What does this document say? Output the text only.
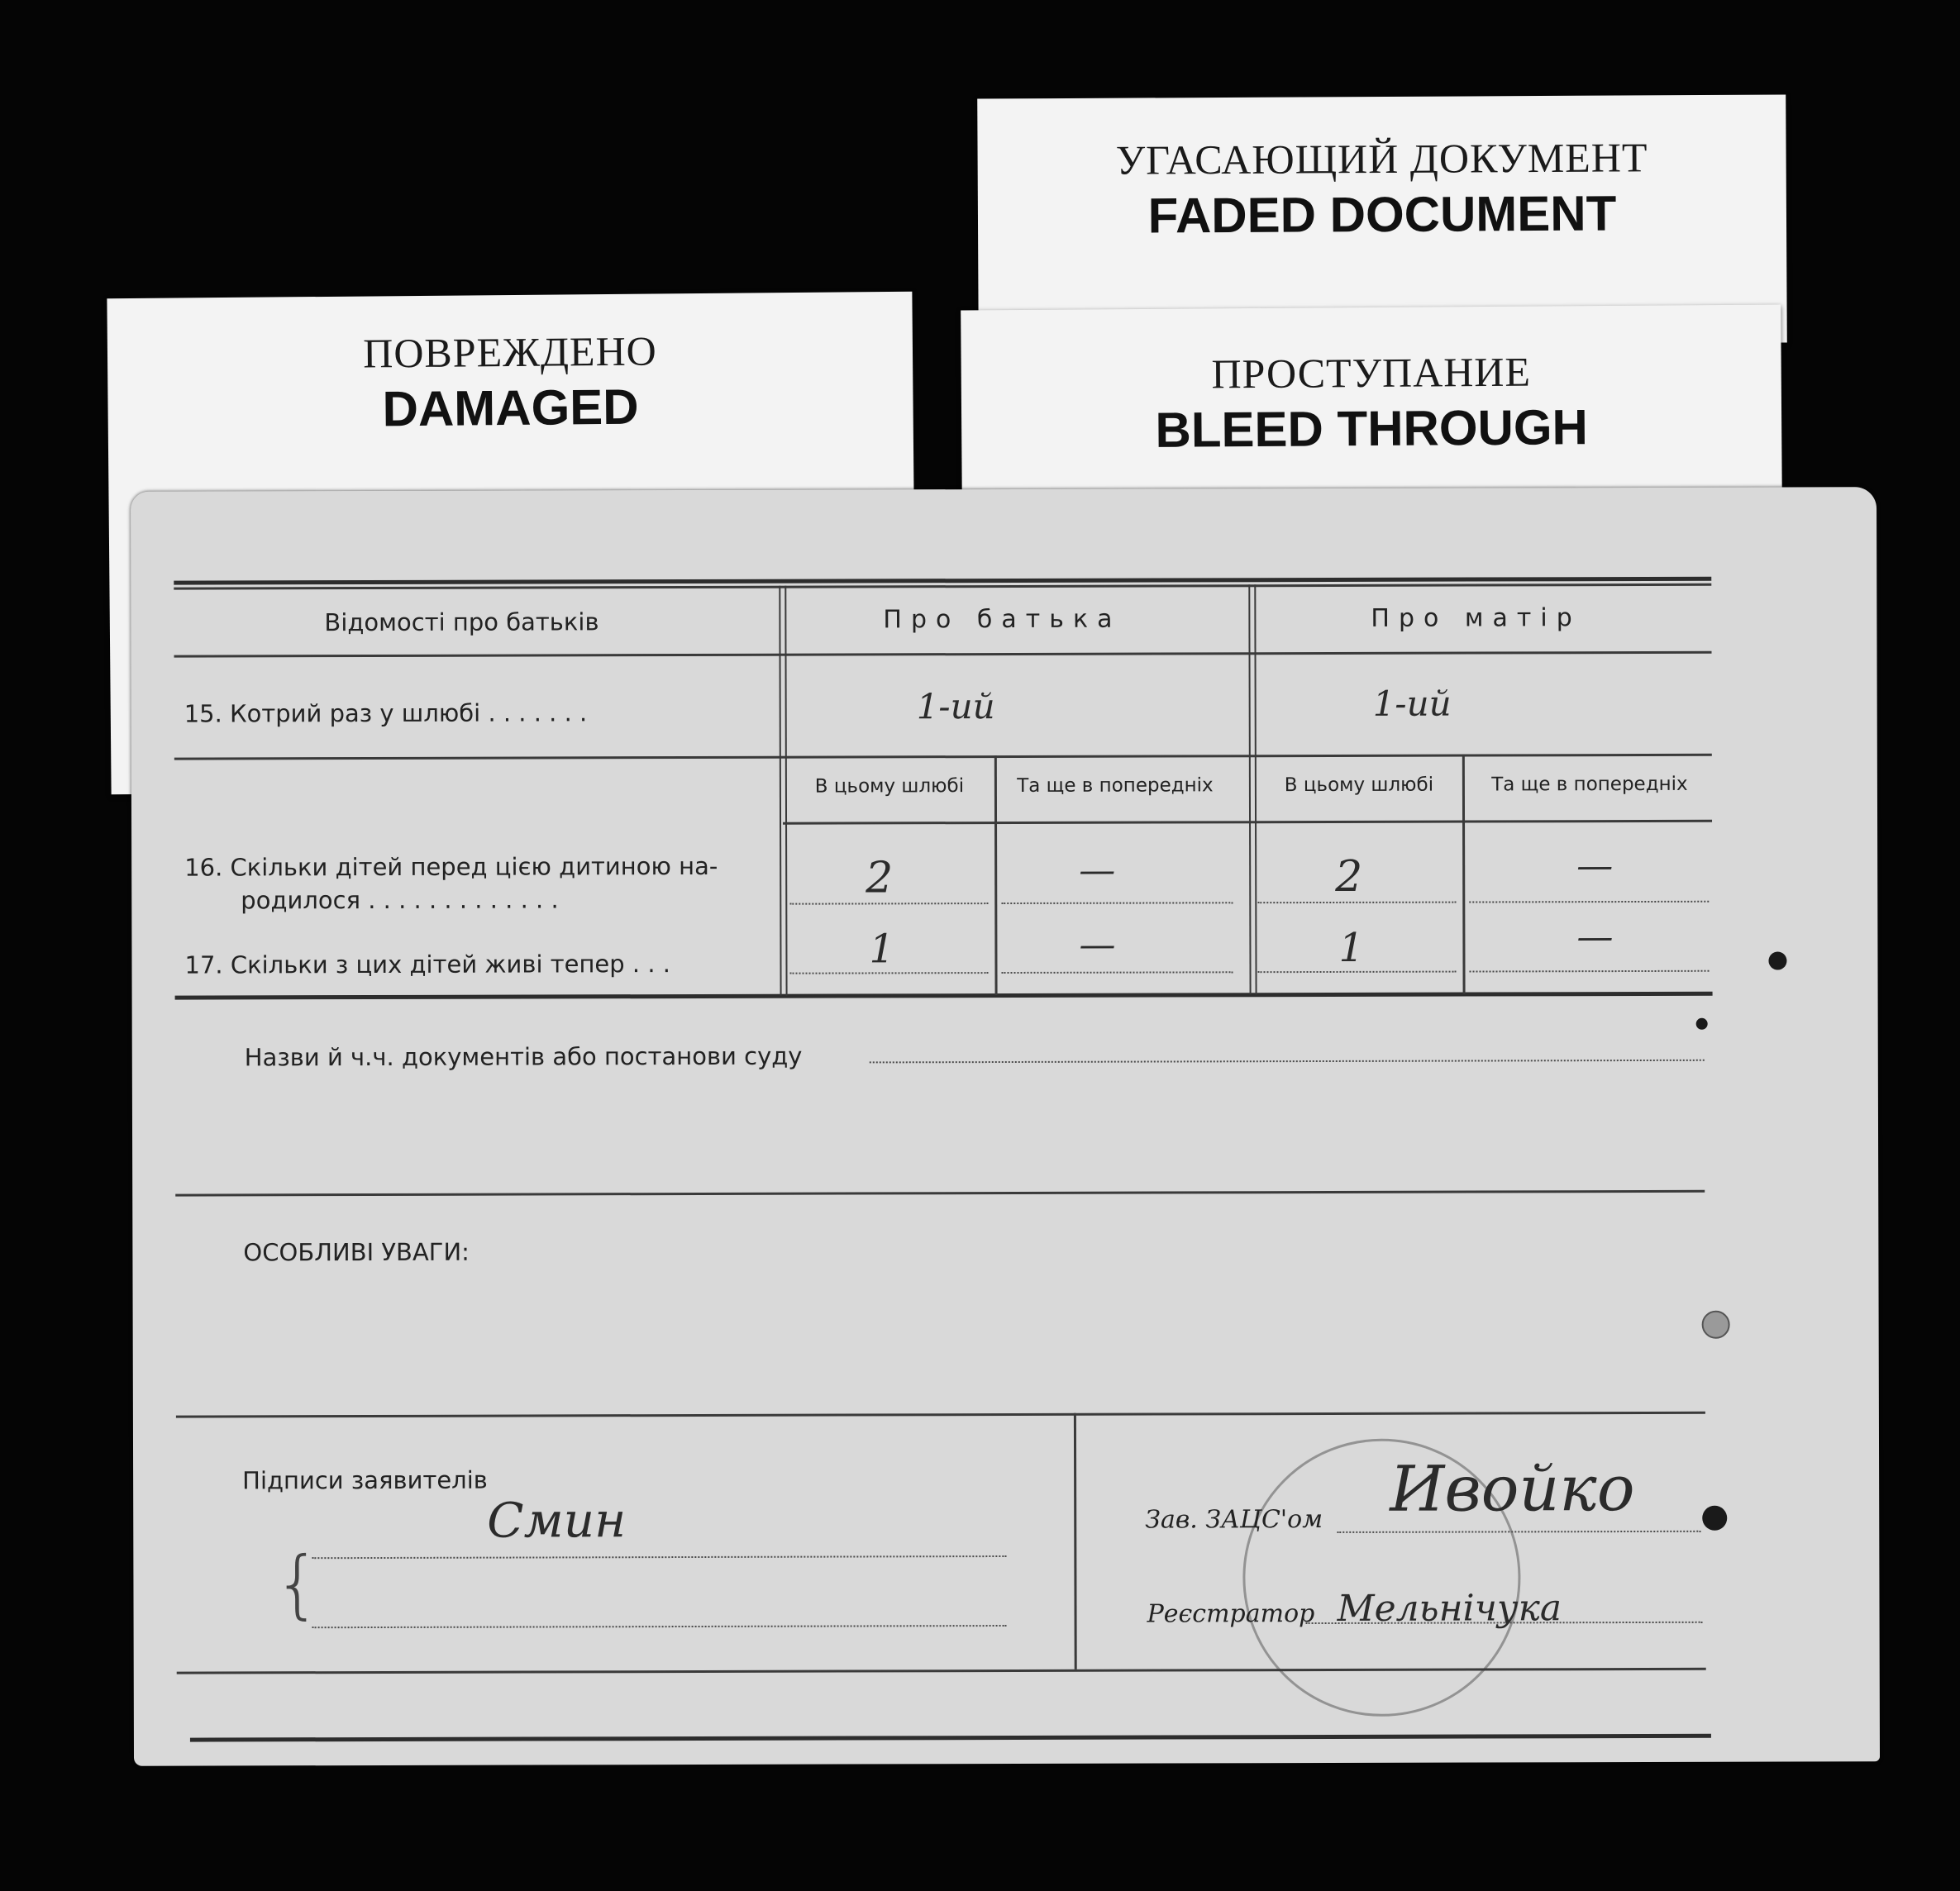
УГАСАЮЩИЙ ДОКУМЕНТ
FADED DOCUMENT
ПРОСТУПАНИЕ
BLEED THROUGH
ПОВРЕЖДЕНО
DAMAGED
Відомості про батьків	Про батька	Про матір
15. Котрий раз у шлюбі . . . . . . .	1-ий	1-ий
В цьому шлюбі	Та ще в попередніх	В цьому шлюбі	Та ще в попередніх
16. Скільки дітей перед цією дитиною на-
родилося . . . . . . . . . . . . .	2	—	2	—
17. Скільки з цих дітей живі тепер . . .	1	—	1	—
Назви й ч.ч. документів або постанови суду
ОСОБЛИВІ УВАГИ:
Підписи заявителів
{
Смин	Зав. ЗАЦС'ом Ивойко
Реєстратор Мельнічука
